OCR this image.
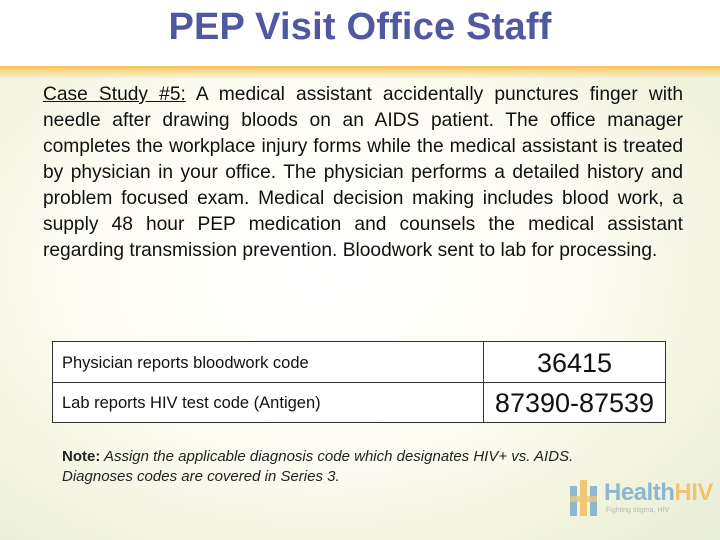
PEP Visit Office Staff
Case Study #5: A medical assistant accidentally punctures finger with needle after drawing bloods on an AIDS patient. The office manager completes the workplace injury forms while the medical assistant is treated by physician in your office. The physician performs a detailed history and problem focused exam. Medical decision making includes blood work, a supply 48 hour PEP medication and counsels the medical assistant regarding transmission prevention. Bloodwork sent to lab for processing.
Physician reports bloodwork code	36415
Lab reports HIV test code (Antigen)	87390-87539
Note: Assign the applicable diagnosis code which designates HIV+ vs. AIDS. Diagnoses codes are covered in Series 3.
HealthHIV
Fighting stigma, HIV
